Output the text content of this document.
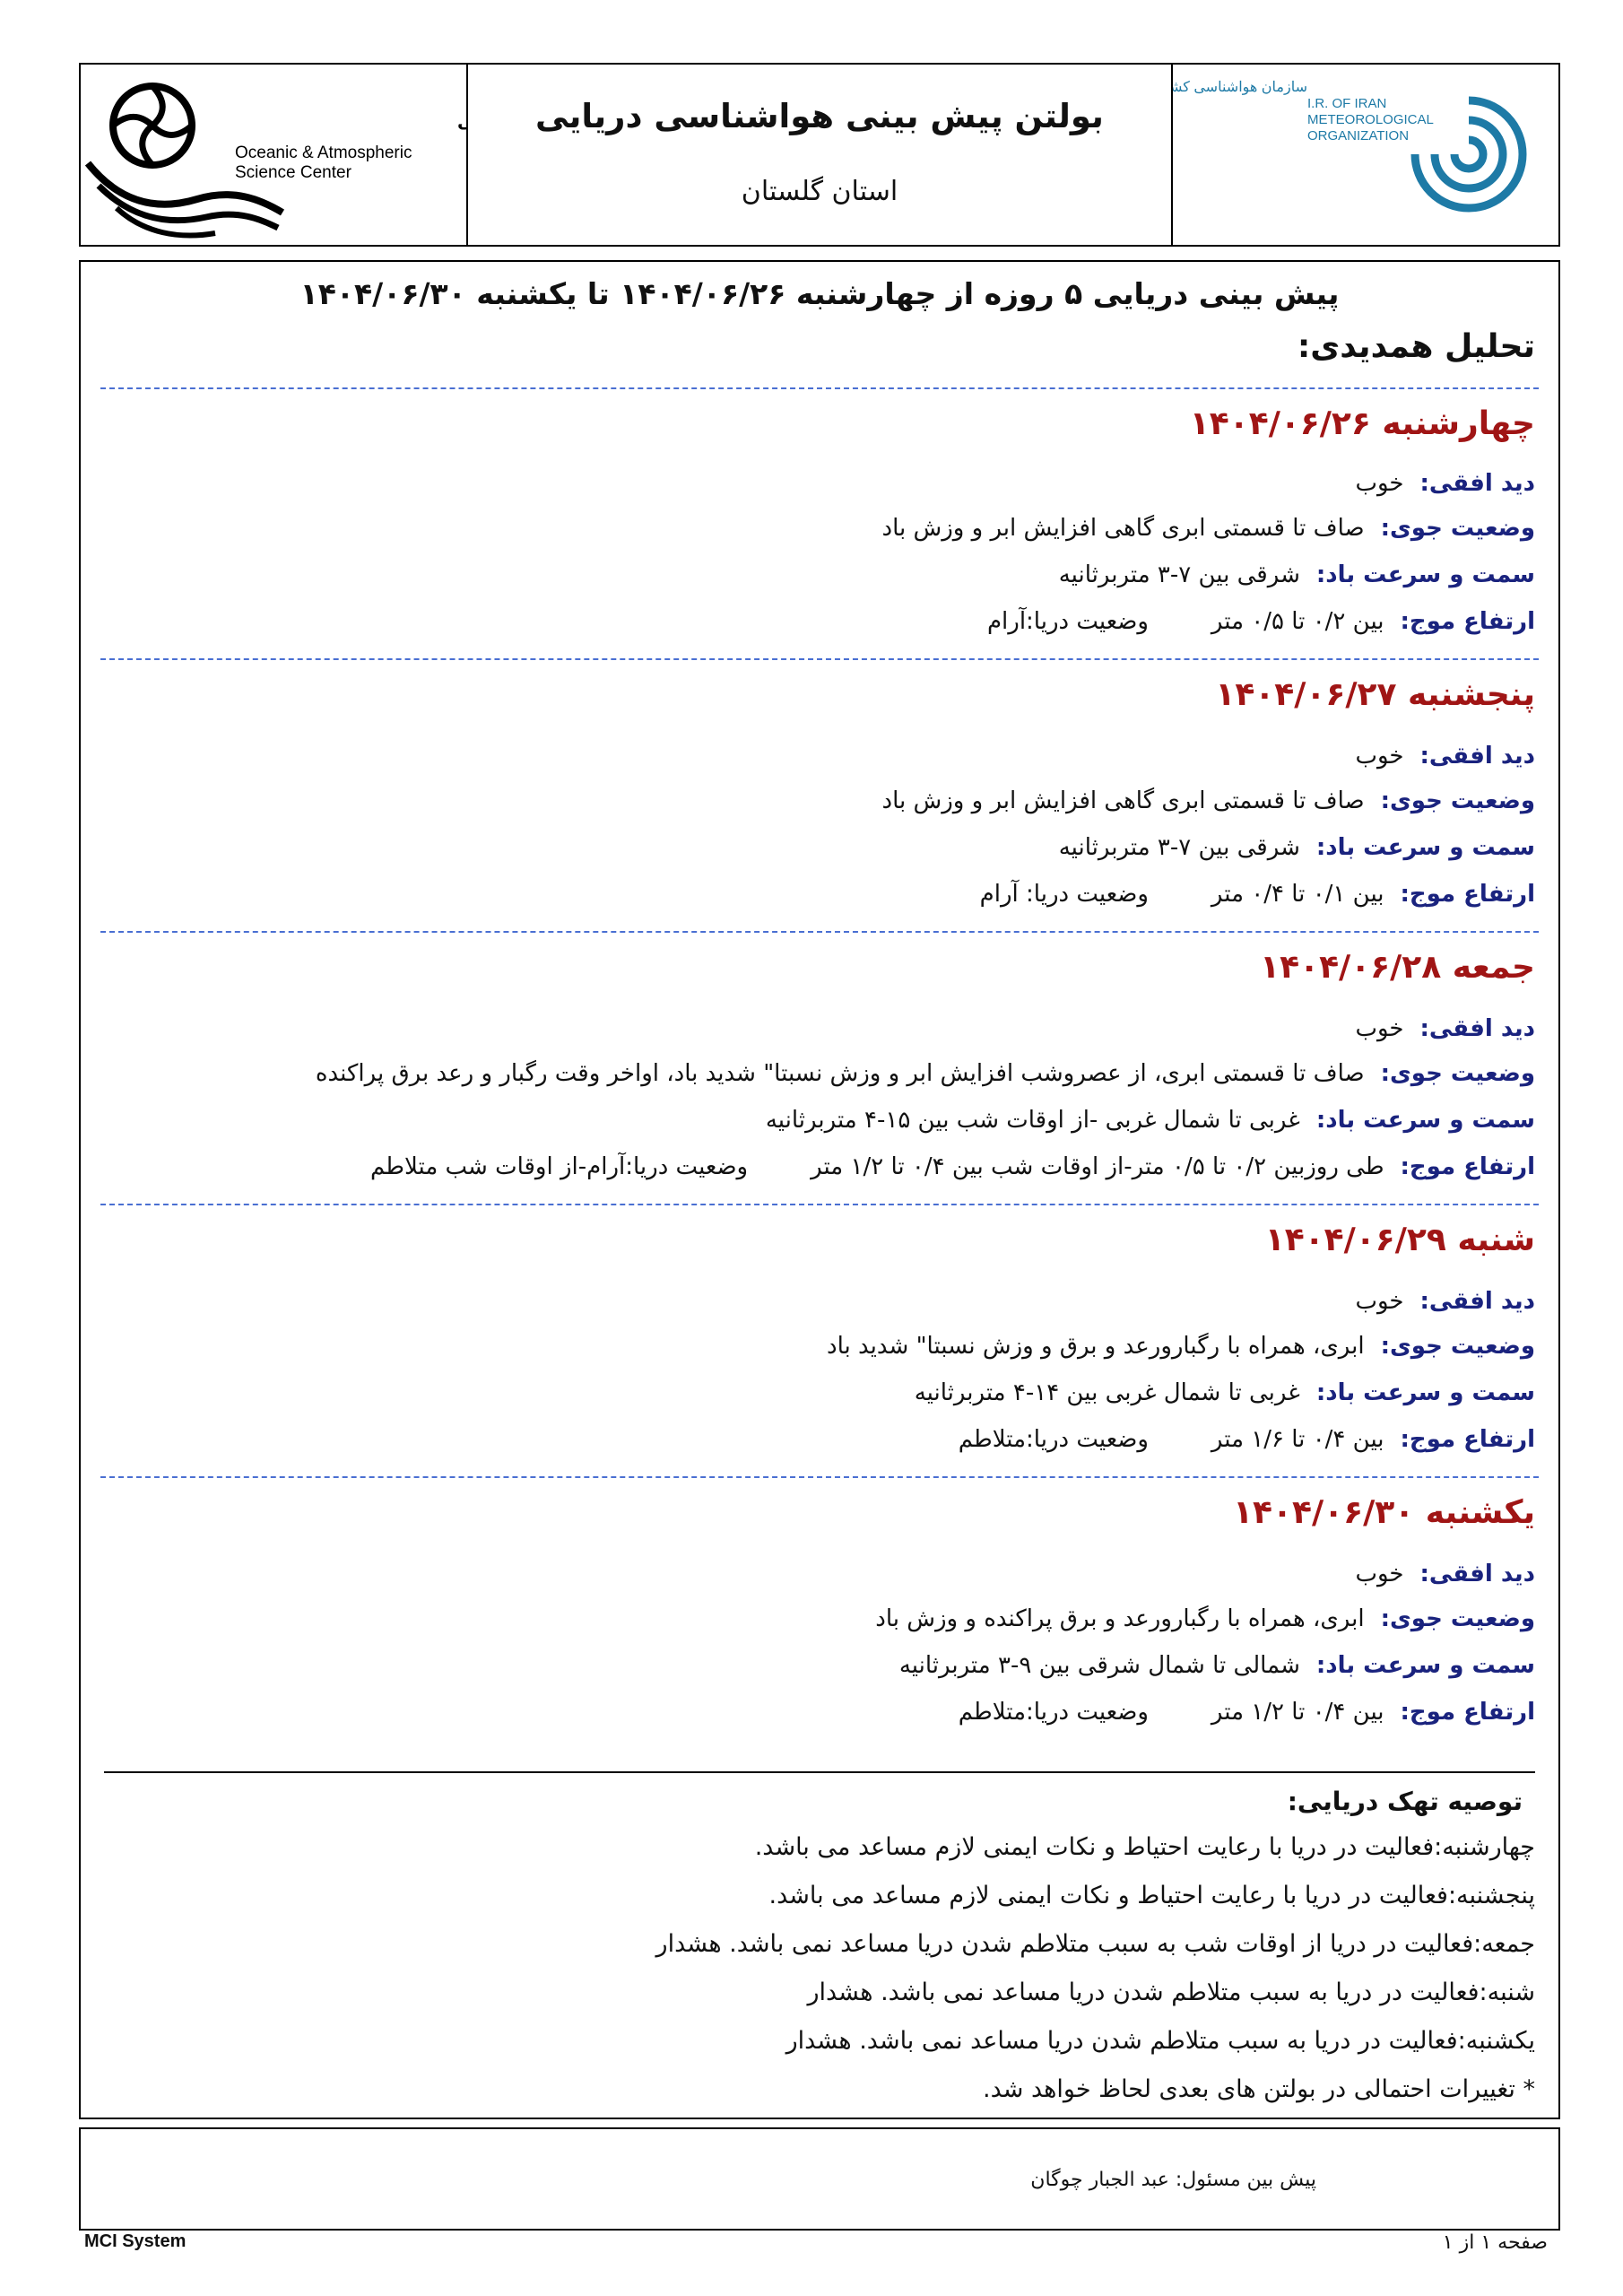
Oceanic & Atmospheric
Science Center
بولتن پیش بینی هواشناسی دریایی
استان گلستان
سازمان هواشناسی کش
I.R. OF IRAN
METEOROLOGICAL
ORGANIZATION
پیش بینی دریایی ۵ روزه از چهارشنبه ۱۴۰۴/۰۶/۲۶ تا یکشنبه ۱۴۰۴/۰۶/۳۰
تحلیل همدیدی:
چهارشنبه ۱۴۰۴/۰۶/۲۶
دید افقی:خوب
وضعیت جوی:صاف تا قسمتی ابری گاهی افزایش ابر و وزش باد
سمت و سرعت باد:شرقی بین ۷-۳ متربرثانیه
ارتفاع موج:بین ۰/۲ تا ۰/۵ متروضعیت دریا:آرام
پنجشنبه ۱۴۰۴/۰۶/۲۷
دید افقی:خوب
وضعیت جوی:صاف تا قسمتی ابری گاهی افزایش ابر و وزش باد
سمت و سرعت باد:شرقی بین ۷-۳ متربرثانیه
ارتفاع موج:بین ۰/۱ تا ۰/۴ متروضعیت دریا: آرام
جمعه ۱۴۰۴/۰۶/۲۸
دید افقی:خوب
وضعیت جوی:صاف تا قسمتی ابری، از عصروشب افزایش ابر و وزش نسبتا" شدید باد، اواخر وقت رگبار و رعد برق پراکنده
سمت و سرعت باد:غربی تا شمال غربی -از اوقات شب بین ۱۵-۴ متربرثانیه
ارتفاع موج:طی روزبین ۰/۲ تا ۰/۵ متر-از اوقات شب بین ۰/۴ تا ۱/۲ متروضعیت دریا:آرام-از اوقات شب متلاطم
شنبه ۱۴۰۴/۰۶/۲۹
دید افقی:خوب
وضعیت جوی:ابری، همراه با رگبارورعد و برق و وزش نسبتا" شدید باد
سمت و سرعت باد:غربی تا شمال غربی بین ۱۴-۴ متربرثانیه
ارتفاع موج:بین ۰/۴ تا ۱/۶ متروضعیت دریا:متلاطم
یکشنبه ۱۴۰۴/۰۶/۳۰
دید افقی:خوب
وضعیت جوی:ابری، همراه با رگبارورعد و برق پراکنده و وزش باد
سمت و سرعت باد:شمالی تا شمال شرقی بین ۹-۳ متربرثانیه
ارتفاع موج:بین ۰/۴ تا ۱/۲ متروضعیت دریا:متلاطم
توصیه تهک دریایی:
چهارشنبه:فعالیت در دریا با رعایت احتیاط و نکات ایمنی لازم مساعد می باشد.
پنجشنبه:فعالیت در دریا با رعایت احتیاط و نکات ایمنی لازم مساعد می باشد.
جمعه:فعالیت در دریا از اوقات شب به سبب متلاطم شدن دریا مساعد نمی باشد. هشدار
شنبه:فعالیت در دریا به سبب متلاطم شدن دریا مساعد نمی باشد. هشدار
یکشنبه:فعالیت در دریا به سبب متلاطم شدن دریا مساعد نمی باشد. هشدار
* تغییرات احتمالی در بولتن های بعدی لحاظ خواهد شد.
پیش بین مسئول: عبد الجبار چوگان
MCI System	صفحه ۱ از ۱
